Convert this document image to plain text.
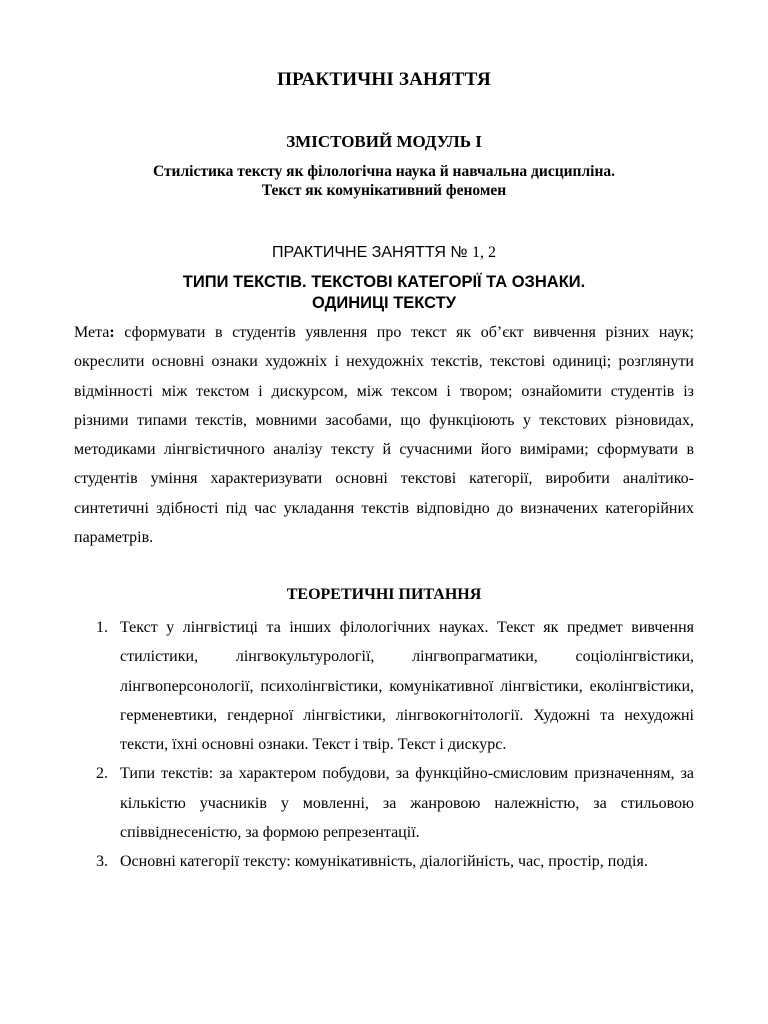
ПРАКТИЧНІ ЗАНЯТТЯ
ЗМІСТОВИЙ МОДУЛЬ І
Стилістика тексту як філологічна наука й навчальна дисципліна.
Текст як комунікативний феномен
ПРАКТИЧНЕ ЗАНЯТТЯ № 1, 2
ТИПИ ТЕКСТІВ. ТЕКСТОВІ КАТЕГОРІЇ ТА ОЗНАКИ.
ОДИНИЦІ ТЕКСТУ
Мета: сформувати в студентів уявлення про текст як об’єкт вивчення різних наук; окреслити основні ознаки художніх і нехудожніх текстів, текстові одиниці; розглянути відмінності між текстом і дискурсом, між тексом і твором; ознайомити студентів із різними типами текстів, мовними засобами, що функціюють у текстових різновидах, методиками лінгвістичного аналізу тексту й сучасними його вимірами; сформувати в студентів уміння характеризувати основні текстові категорії, виробити аналітико-синтетичні здібності під час укладання текстів відповідно до визначених категорійних параметрів.
ТЕОРЕТИЧНІ ПИТАННЯ
1. Текст у лінгвістиці та інших філологічних науках. Текст як предмет вивчення стилістики, лінгвокультурології, лінгвопрагматики, соціолінгвістики, лінгвоперсонології, психолінгвістики, комунікативної лінгвістики, еколінгвістики, герменевтики, гендерної лінгвістики, лінгвокогнітології. Художні та нехудожні тексти, їхні основні ознаки. Текст і твір. Текст і дискурс.
2. Типи текстів: за характером побудови, за функційно-смисловим призначенням, за кількістю учасників у мовленні, за жанровою належністю, за стильовою співвіднесеністю, за формою репрезентації.
3. Основні категорії тексту: комунікативність, діалогійність, час, простір, подія.
